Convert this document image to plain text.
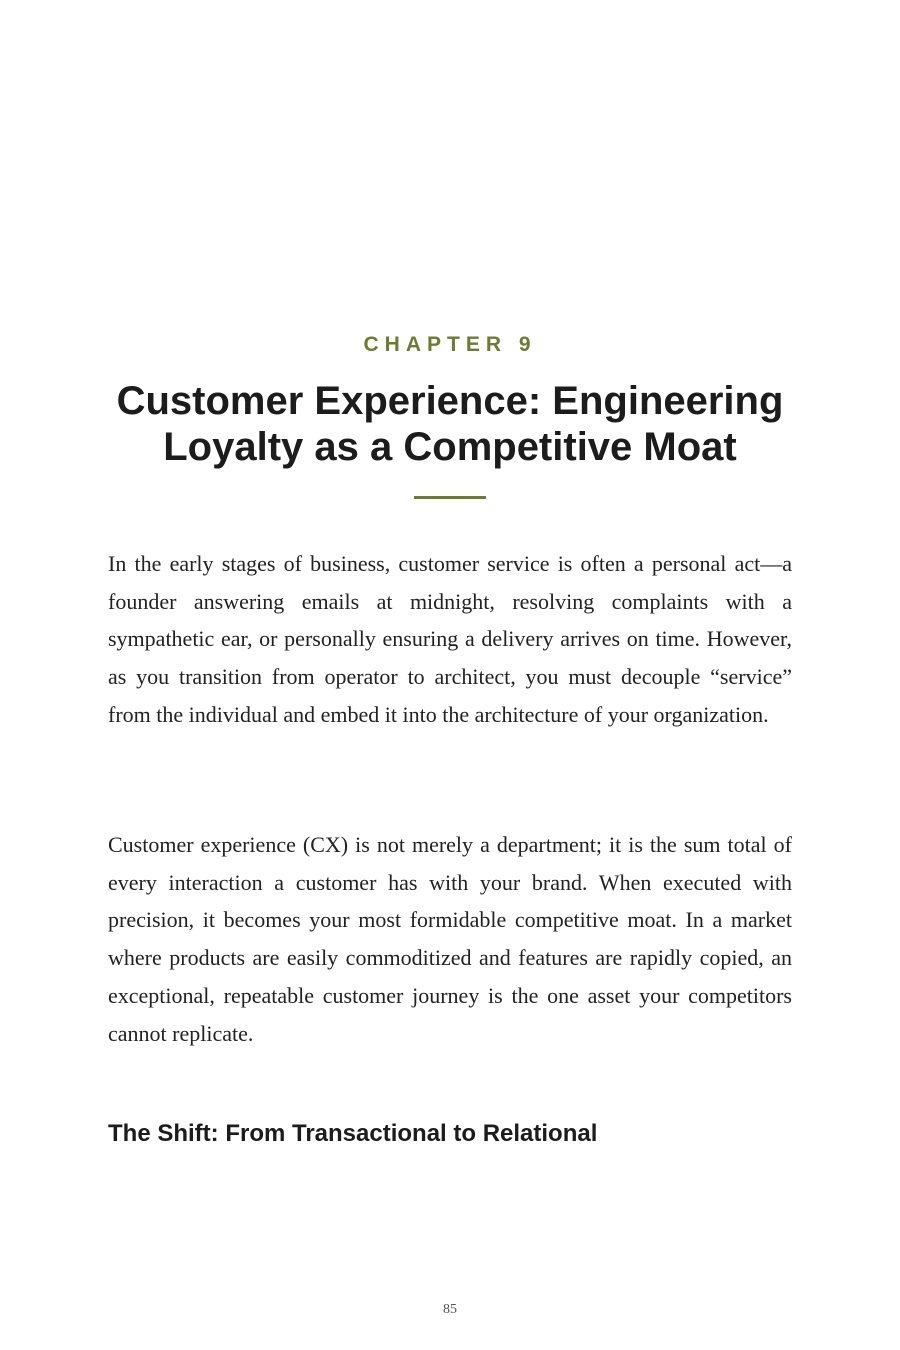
CHAPTER 9
Customer Experience: Engineering
Loyalty as a Competitive Moat

In the early stages of business, customer service is often a personal act—a founder answering emails at midnight, resolving complaints with a sympathetic ear, or personally ensuring a delivery arrives on time. However, as you transition from operator to architect, you must decouple “service” from the individual and embed it into the architecture of your organization.

Customer experience (CX) is not merely a department; it is the sum total of every interaction a customer has with your brand. When executed with precision, it becomes your most formidable competitive moat. In a market where products are easily commoditized and features are rapidly copied, an exceptional, repeatable customer journey is the one asset your competitors cannot replicate.

The Shift: From Transactional to Relational
85
